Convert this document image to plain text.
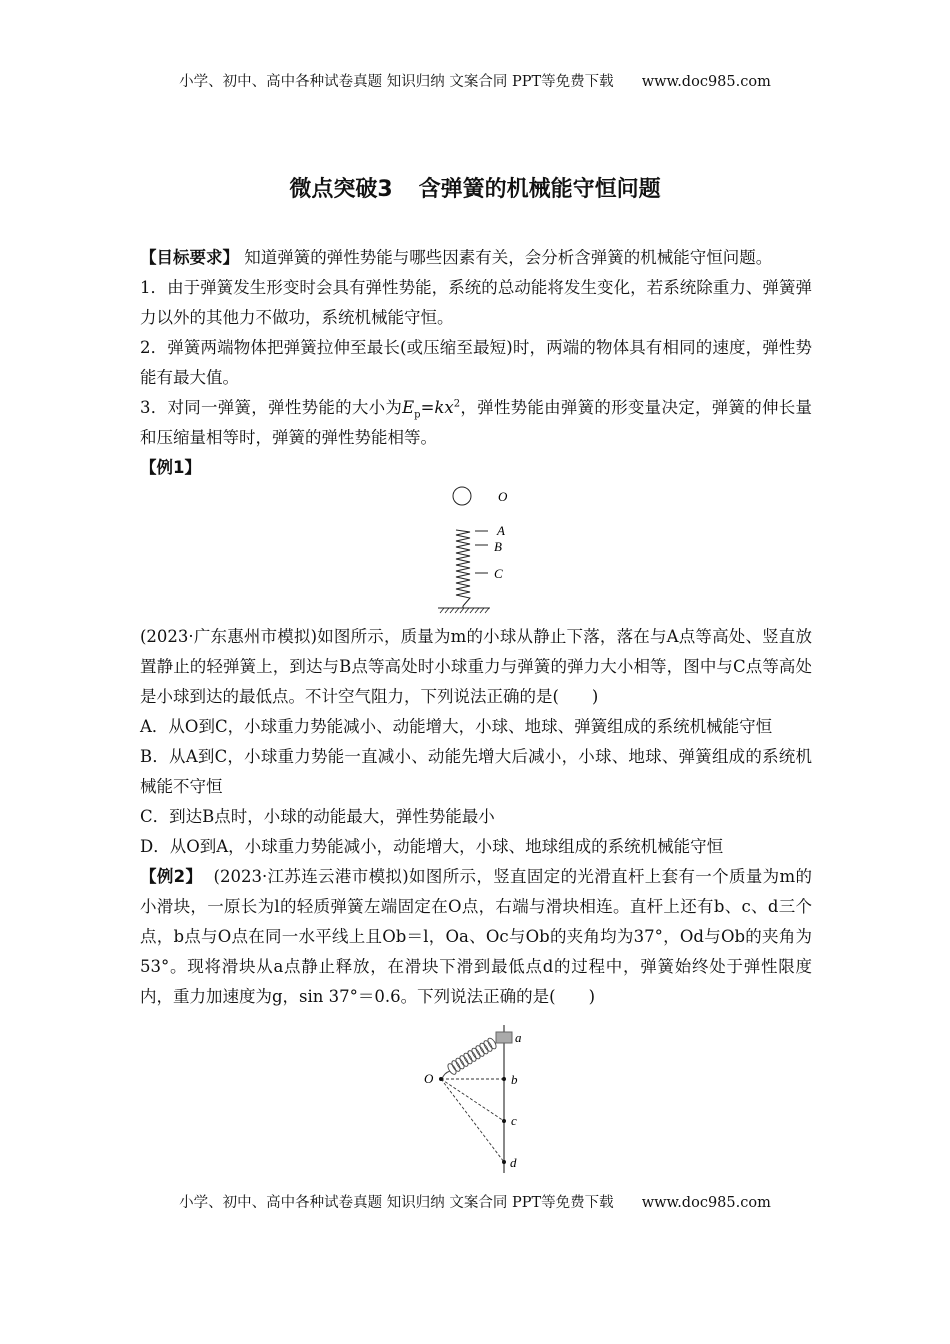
小学、初中、高中各种试卷真题 知识归纳 文案合同 PPT等免费下载 www.doc985.com
微点突破3 含弹簧的机械能守恒问题

【目标要求】 知道弹簧的弹性势能与哪些因素有关，会分析含弹簧的机械能守恒问题。

1．由于弹簧发生形变时会具有弹性势能，系统的总动能将发生变化，若系统除重力、弹簧弹力以外的其他力不做功，系统机械能守恒。

2．弹簧两端物体把弹簧拉伸至最长(或压缩至最短)时，两端的物体具有相同的速度，弹性势能有最大值。

3．对同一弹簧，弹性势能的大小为$E_p=kx^2$，弹性势能由弹簧的形变量决定，弹簧的伸长量和压缩量相等时，弹簧的弹性势能相等。

【例1】

O
A
B
C

(2023·广东惠州市模拟)如图所示，质量为m的小球从静止下落，落在与A点等高处、竖直放置静止的轻弹簧上，到达与B点等高处时小球重力与弹簧的弹力大小相等，图中与C点等高处是小球到达的最低点。不计空气阻力，下列说法正确的是(　　)

A．从O到C，小球重力势能减小、动能增大，小球、地球、弹簧组成的系统机械能守恒

B．从A到C，小球重力势能一直减小、动能先增大后减小，小球、地球、弹簧组成的系统机械能不守恒

C．到达B点时，小球的动能最大，弹性势能最小

D．从O到A，小球重力势能减小，动能增大，小球、地球组成的系统机械能守恒

【例2】 (2023·江苏连云港市模拟)如图所示，竖直固定的光滑直杆上套有一个质量为m的小滑块，一原长为l的轻质弹簧左端固定在O点，右端与滑块相连。直杆上还有b、c、d三个点，b点与O点在同一水平线上且Ob＝l，Oa、Oc与Ob的夹角均为37°，Od与Ob的夹角为53°。现将滑块从a点静止释放，在滑块下滑到最低点d的过程中，弹簧始终处于弹性限度内，重力加速度为g，sin 37°＝0.6。下列说法正确的是(　　)

O
a
b
c
d
小学、初中、高中各种试卷真题 知识归纳 文案合同 PPT等免费下载 www.doc985.com
